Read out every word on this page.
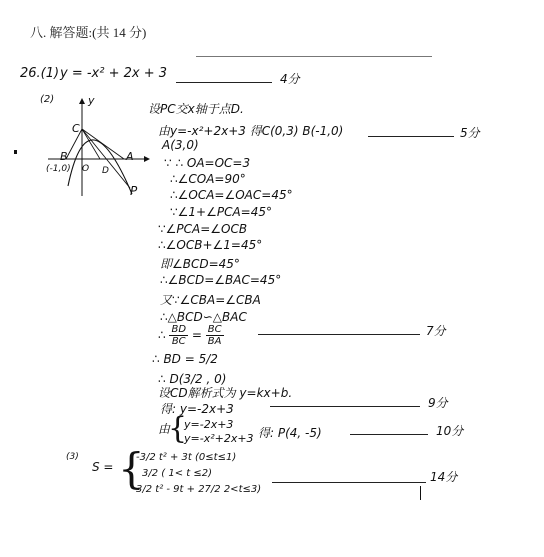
八. 解答题:(共 14 分)
26.(1) y = -x² + 2x + 3	4分
(2)	y
C
B	A
(-1,0) O D
P
设PC交x轴于点D.
由y=-x²+2x+3 得C(0,3) B(-1,0)	5分
A(3,0)
∵ ∴ OA=OC=3
∴∠COA=90°
∴∠OCA=∠OAC=45°
∵∠1+∠PCA=45°
∵∠PCA=∠OCB
∴∠OCB+∠1=45°
即∠BCD=45°
∴∠BCD=∠BAC=45°
又∵∠CBA=∠CBA
∴△BCD∽△BAC
∴ $\frac{BD}{BC} = \frac{BC}{BA}$	7分
∴ BD = 5/2
∴ D(3/2 , 0)
设CD解析式为 y=kx+b.
得: y=-2x+3	9分
由
{
y=-2x+3
y=-x²+2x+3 得: P(4, -5)	10分
(3)
S = {
-3/2 t² + 3t (0≤t≤1)
3/2 ( 1< t ≤2)
3/2 t² - 9t + 27/2 2<t≤3)
14分
